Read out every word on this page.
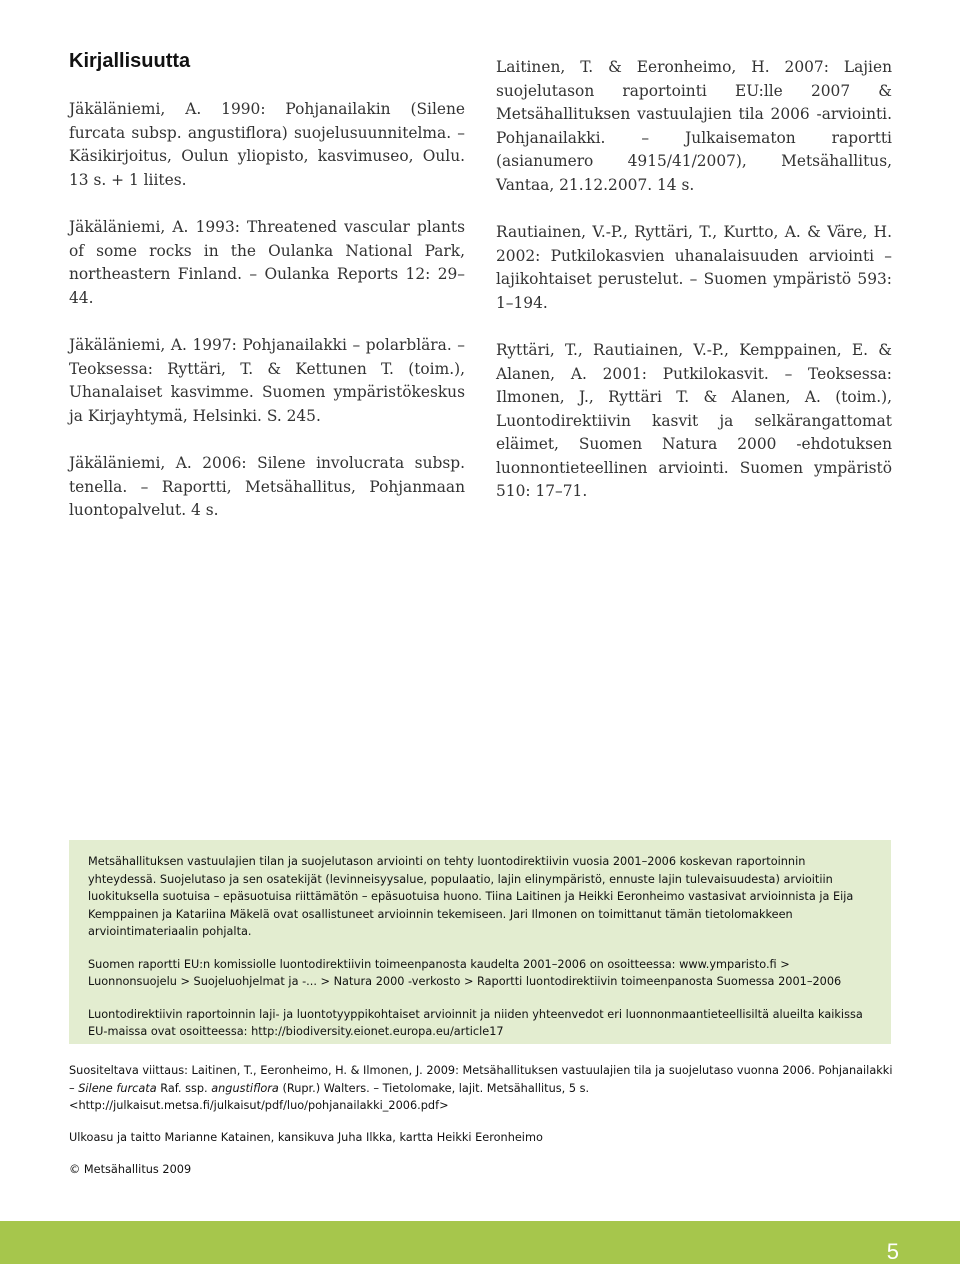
Kirjallisuutta

Jäkäläniemi, A. 1990: Pohjanailakin (Silene furcata subsp. angustiflora) suojelusuunnitelma. – Käsikirjoitus, Oulun yliopisto, kasvimuseo, Oulu. 13 s. + 1 liites.

Jäkäläniemi, A. 1993: Threatened vascular plants of some rocks in the Oulanka National Park, northeastern Finland. – Oulanka Reports 12: 29–44.

Jäkäläniemi, A. 1997: Pohjanailakki – polarblära. – Teoksessa: Ryttäri, T. & Kettunen T. (toim.), Uhanalaiset kasvimme. Suomen ympäristökeskus ja Kirjayhtymä, Helsinki. S. 245.

Jäkäläniemi, A. 2006: Silene involucrata subsp. tenella. – Raportti, Metsähallitus, Pohjanmaan luontopalvelut. 4 s.

Laitinen, T. & Eeronheimo, H. 2007: Lajien suojelutason raportointi EU:lle 2007 & Metsähallituksen vastuulajien tila 2006 -arviointi. Pohjanailakki. – Julkaisematon raportti (asianumero 4915/41/2007), Metsähallitus, Vantaa, 21.12.2007. 14 s.

Rautiainen, V.-P., Ryttäri, T., Kurtto, A. & Väre, H. 2002: Putkilokasvien uhanalaisuuden arviointi – lajikohtaiset perustelut. – Suomen ympäristö 593: 1–194.

Ryttäri, T., Rautiainen, V.-P., Kemppainen, E. & Alanen, A. 2001: Putkilokasvit. – Teoksessa: Ilmonen, J., Ryttäri T. & Alanen, A. (toim.), Luontodirektiivin kasvit ja selkärangattomat eläimet, Suomen Natura 2000 -ehdotuksen luonnontieteellinen arviointi. Suomen ympäristö 510: 17–71.

Metsähallituksen vastuulajien tilan ja suojelutason arviointi on tehty luontodirektiivin vuosia 2001–2006 koskevan raportoinnin yhteydessä. Suojelutaso ja sen osatekijät (levinneisyysalue, populaatio, lajin elinympäristö, ennuste lajin tulevaisuudesta) arvioitiin luokituksella suotuisa – epäsuotuisa riittämätön – epäsuotuisa huono. Tiina Laitinen ja Heikki Eeronheimo vastasivat arvioinnista ja Eija Kemppainen ja Katariina Mäkelä ovat osallistuneet arvioinnin tekemiseen. Jari Ilmonen on toimittanut tämän tietolomakkeen arviointimateriaalin pohjalta.

Suomen raportti EU:n komissiolle luontodirektiivin toimeenpanosta kaudelta 2001–2006 on osoitteessa: www.ymparisto.fi > Luonnonsuojelu > Suojeluohjelmat ja -... > Natura 2000 -verkosto > Raportti luontodirektiivin toimeenpanosta Suomessa 2001–2006

Luontodirektiivin raportoinnin laji- ja luontotyyppikohtaiset arvioinnit ja niiden yhteenvedot eri luonnonmaantieteellisiltä alueilta kaikissa EU-maissa ovat osoitteessa: http://biodiversity.eionet.europa.eu/article17

Suositeltava viittaus: Laitinen, T., Eeronheimo, H. & Ilmonen, J. 2009: Metsähallituksen vastuulajien tila ja suojelutaso vuonna 2006. Pohjanailakki – Silene furcata Raf. ssp. angustiflora (Rupr.) Walters. – Tietolomake, lajit. Metsähallitus, 5 s. <http://julkaisut.metsa.fi/julkaisut/pdf/luo/pohjanailakki_2006.pdf>
Ulkoasu ja taitto Marianne Katainen, kansikuva Juha Ilkka, kartta Heikki Eeronheimo
© Metsähallitus 2009
5
